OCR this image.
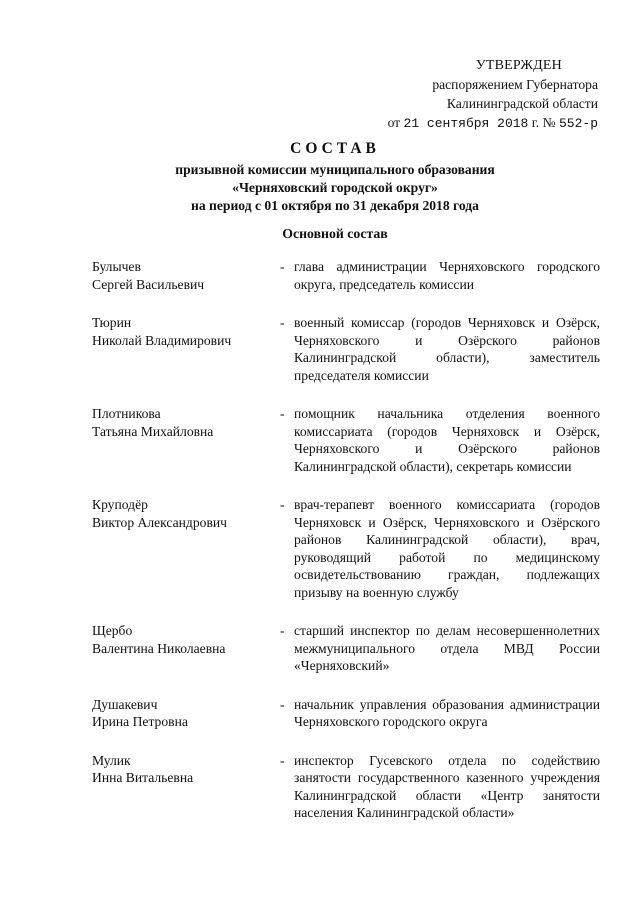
УТВЕРЖДЕН
распоряжением Губернатора
Калининградской области
от 21 сентября 2018 г. № 552-р
СОСТАВ
призывной комиссии муниципального образования
«Черняховский городской округ»
на период с 01 октября по 31 декабря 2018 года
Основной состав
Булычев
Сергей Васильевич
- глава администрации Черняховского городского округа, председатель комиссии
Тюрин
Николай Владимирович
- военный комиссар (городов Черняховск и Озёрск, Черняховского и Озёрского районов Калининградской области), заместитель председателя комиссии
Плотникова
Татьяна Михайловна
- помощник начальника отделения военного комиссариата (городов Черняховск и Озёрск, Черняховского и Озёрского районов Калининградской области), секретарь комиссии
Круподёр
Виктор Александрович
- врач-терапевт военного комиссариата (городов Черняховск и Озёрск, Черняховского и Озёрского районов Калининградской области), врач, руководящий работой по медицинскому освидетельствованию граждан, подлежащих призыву на военную службу
Щербо
Валентина Николаевна
- старший инспектор по делам несовершеннолетних межмуниципального отдела МВД России «Черняховский»
Душакевич
Ирина Петровна
- начальник управления образования администрации Черняховского городского округа
Мулик
Инна Витальевна
- инспектор Гусевского отдела по содействию занятости государственного казенного учреждения Калининградской области «Центр занятости населения Калининградской области»
